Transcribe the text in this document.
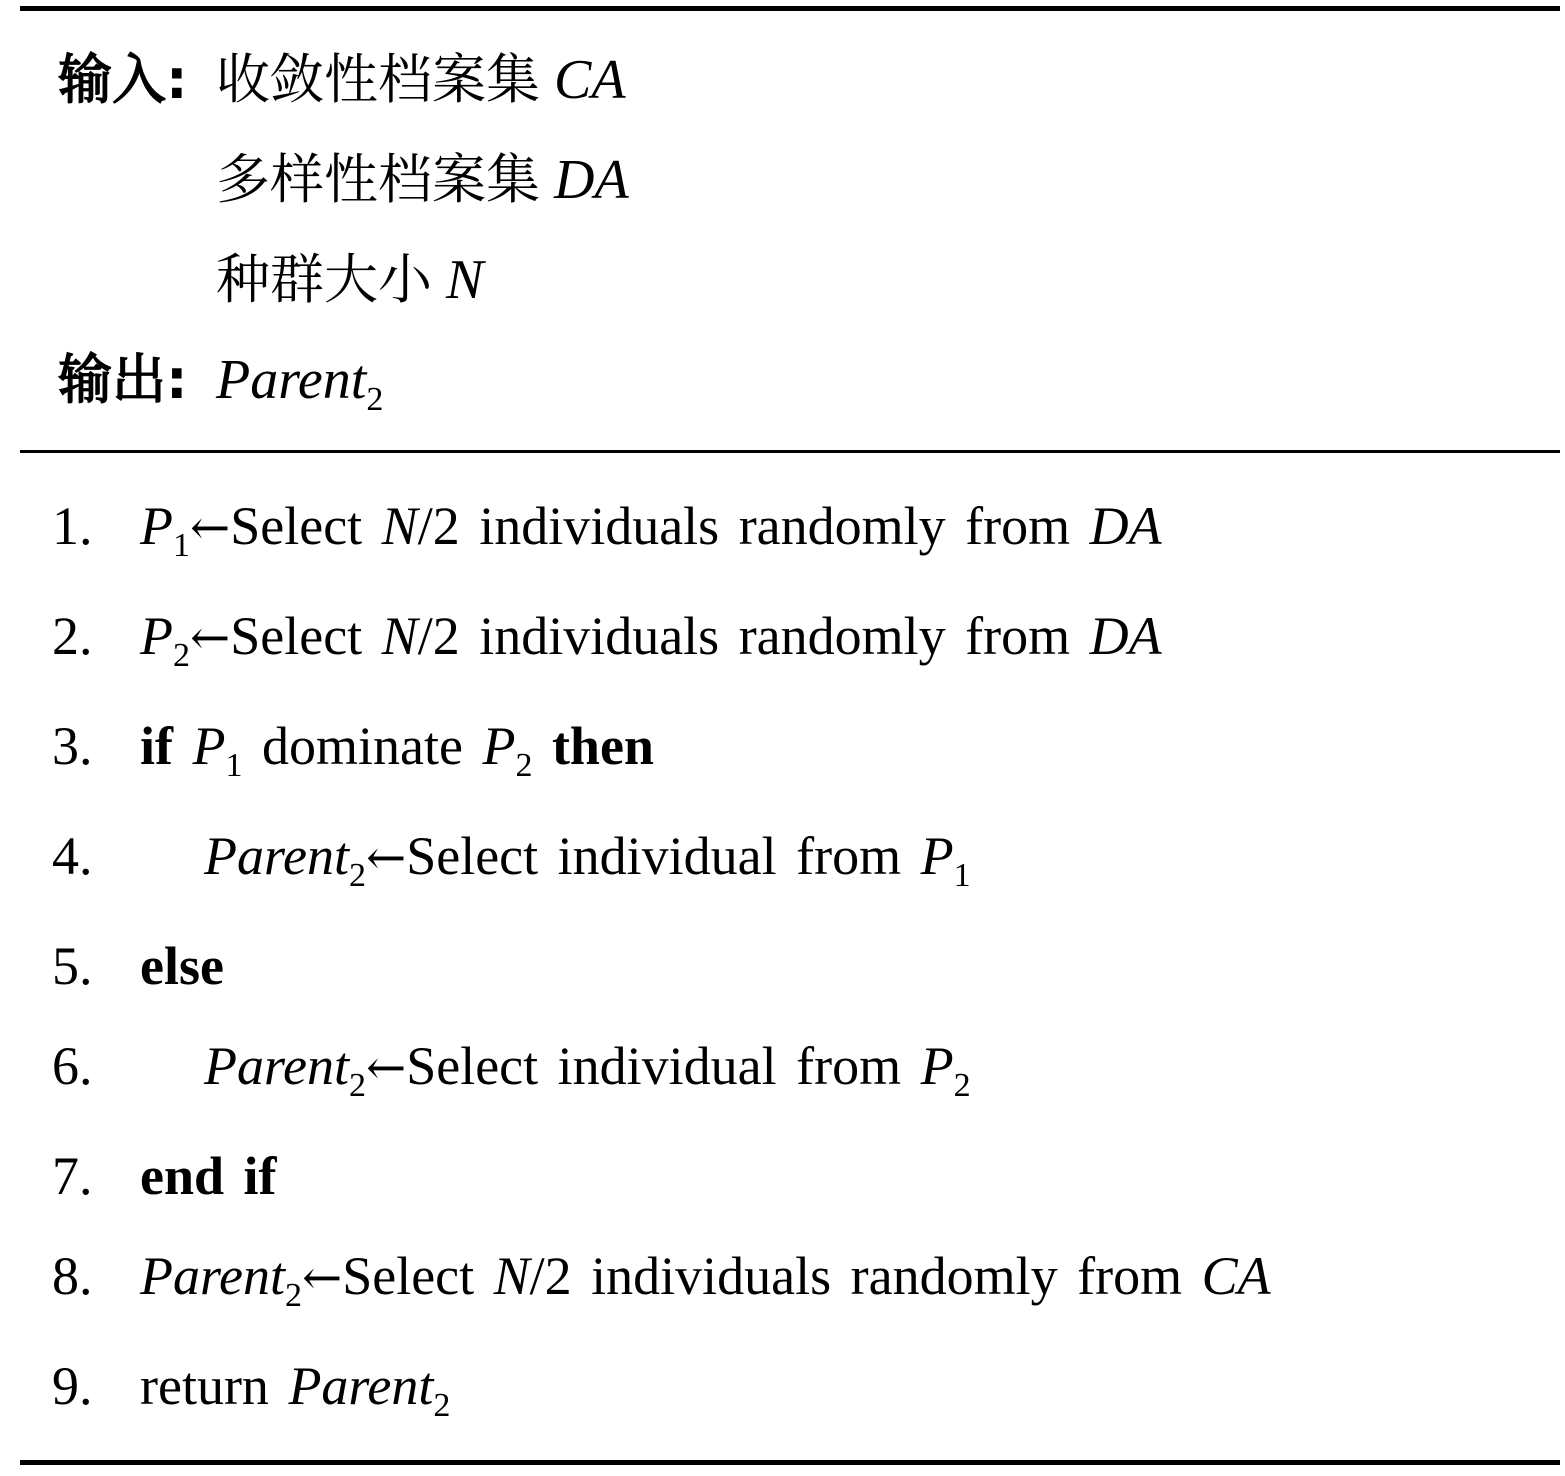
输入: 收敛性档案集 CA
多样性档案集 DA
种群大小 N
输出: Parent$_2$
1. $P_1\leftarrow Select$ N/2 individuals randomly from DA
2. $P_2\leftarrow Select$ N/2 individuals randomly from DA
3. if $P_1$ dominate $P_2$ then
4. Parent$_2$←Select individual from $P_1$
5. else
6. Parent$_2$←Select individual from $P_2$
7. end if
8. Parent$_2$←Select N/2 individuals randomly from CA
9. return Parent$_2$
